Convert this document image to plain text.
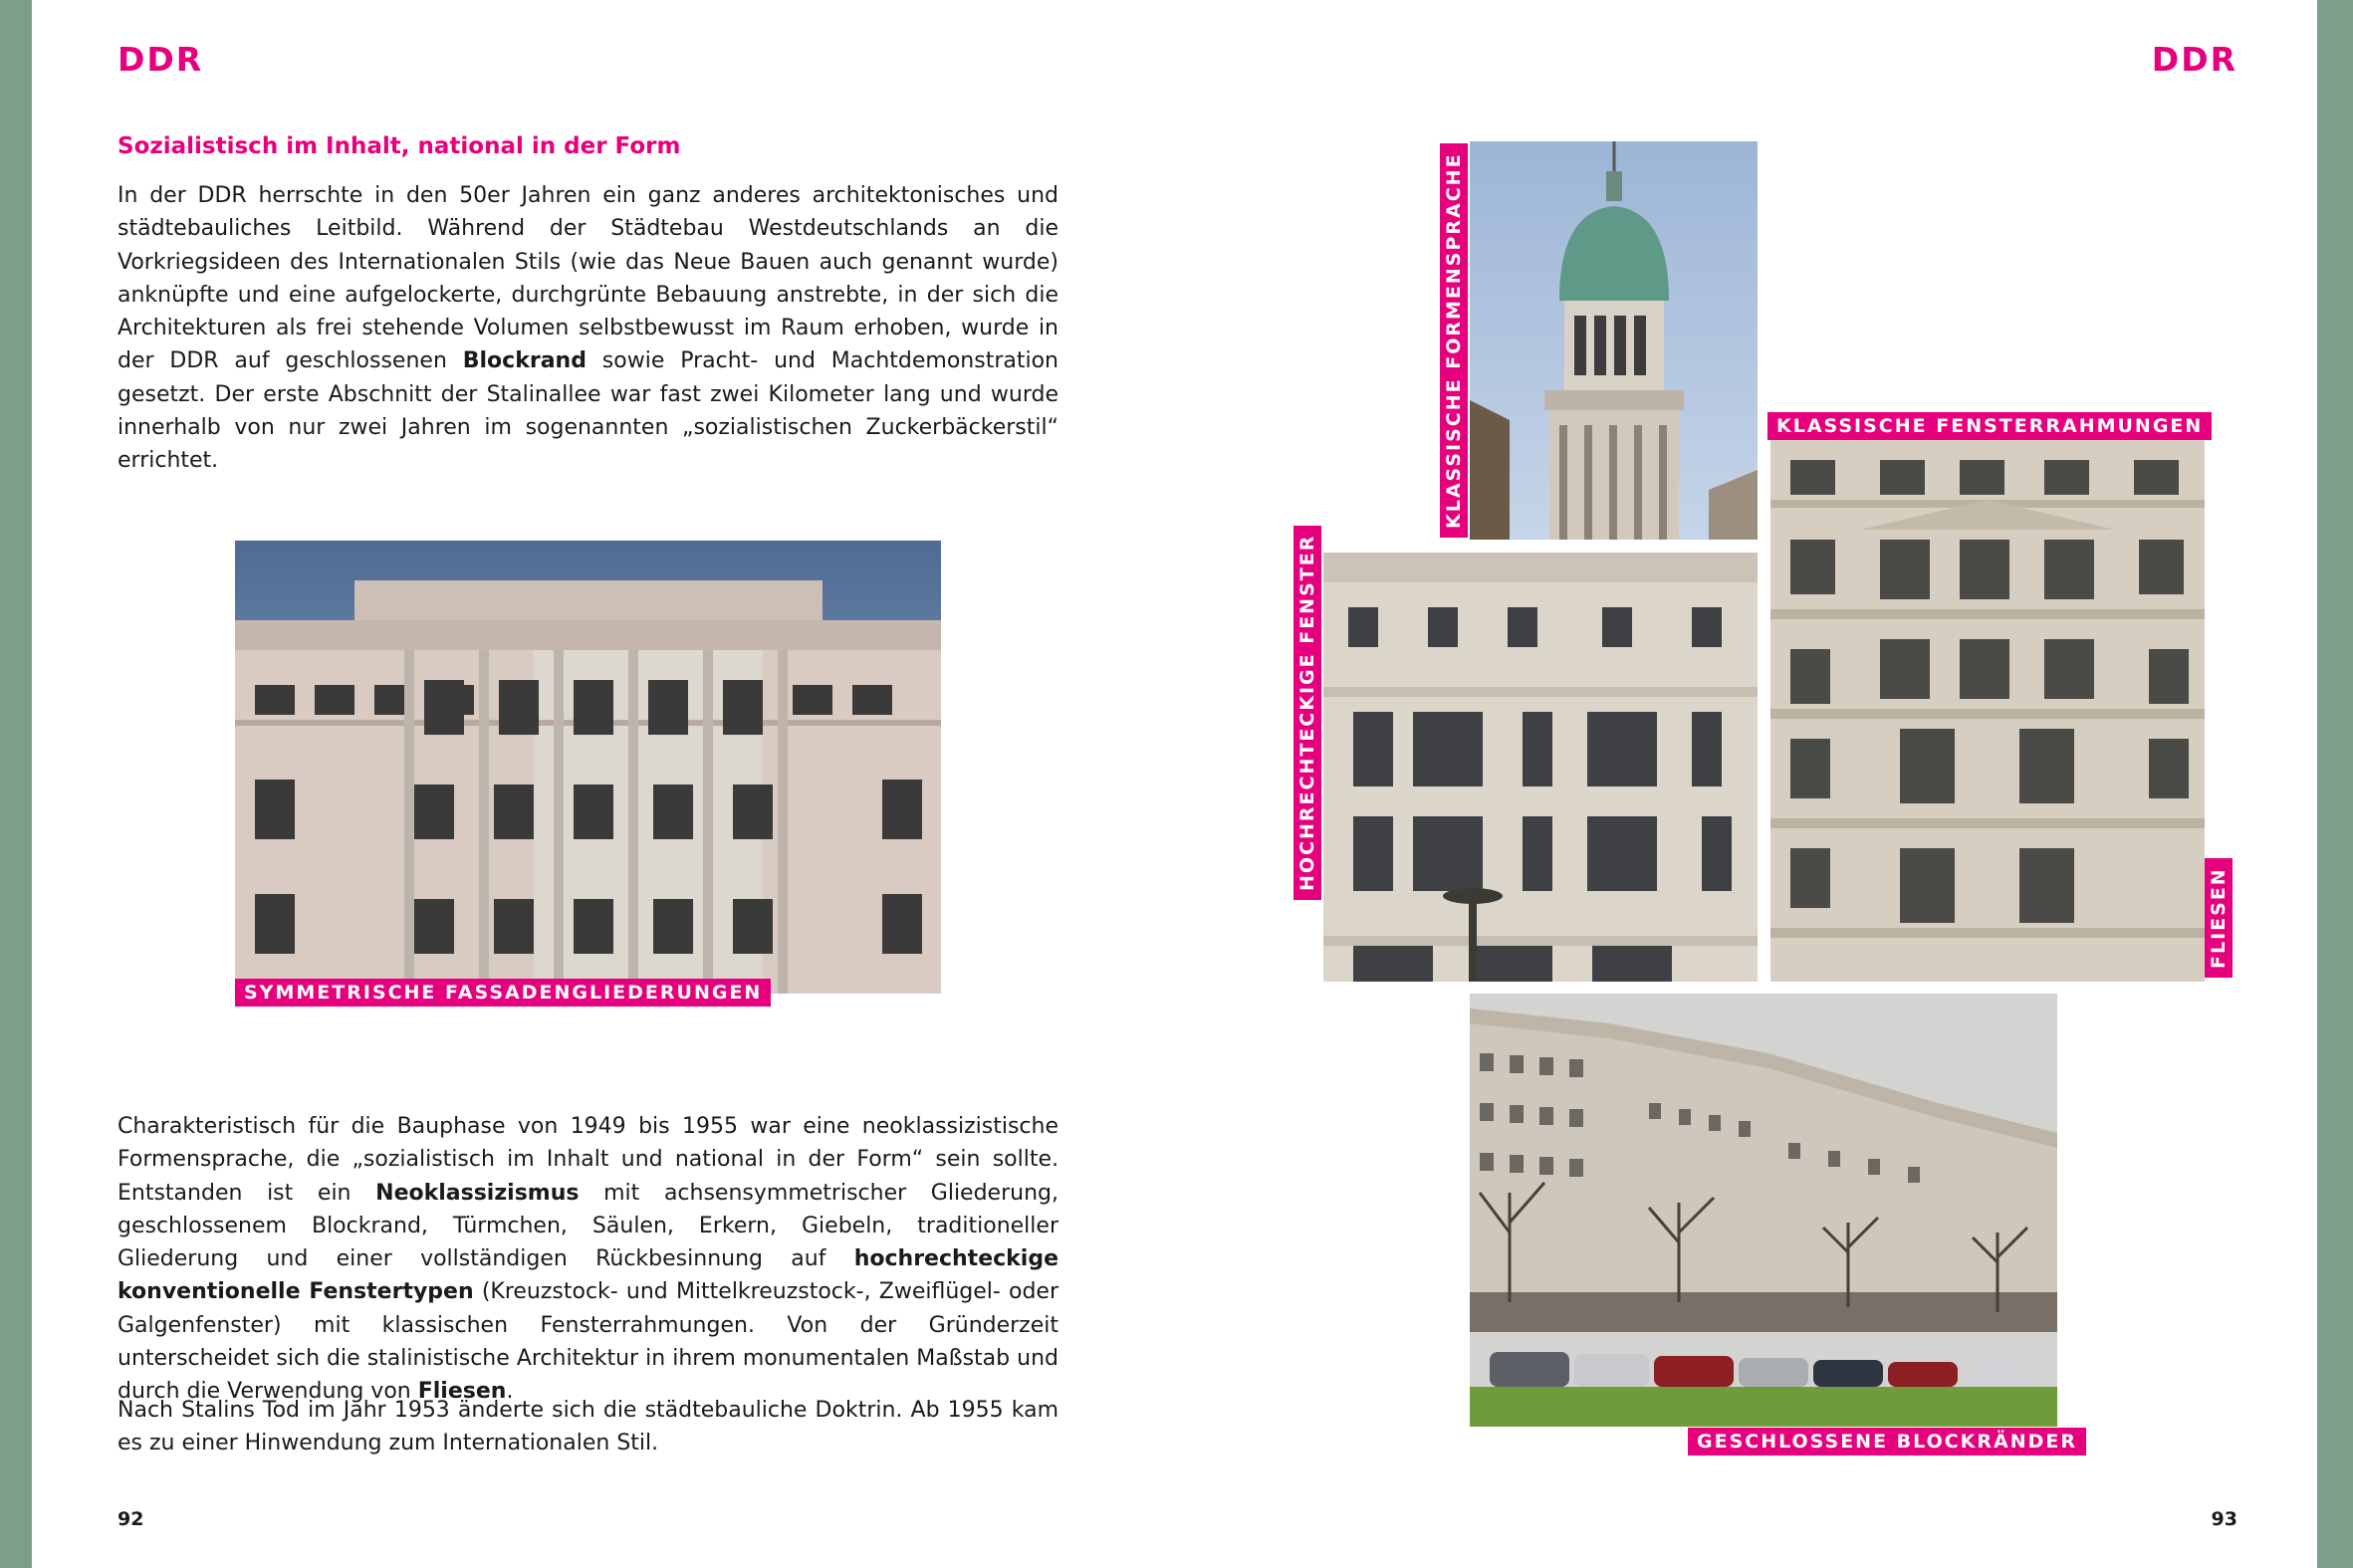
DDR

Sozialistisch im Inhalt, national in der Form

In der DDR herrschte in den 50er Jahren ein ganz anderes architektonisches und städtebauliches Leitbild. Während der Städtebau Westdeutschlands an die Vorkriegsideen des Internationalen Stils (wie das Neue Bauen auch genannt wurde) anknüpfte und eine aufgelockerte, durchgrünte Bebauung anstrebte, in der sich die Architekturen als frei stehende Volumen selbstbewusst im Raum erhoben, wurde in der DDR auf geschlossenen Blockrand sowie Pracht- und Machtdemonstration gesetzt. Der erste Abschnitt der Stalinallee war fast zwei Kilometer lang und wurde innerhalb von nur zwei Jahren im sogenannten „sozialistischen Zuckerbäckerstil“ errichtet.

SYMMETRISCHE FASSADENGLIEDERUNGEN

Charakteristisch für die Bauphase von 1949 bis 1955 war eine neoklassizistische Formensprache, die „sozialistisch im Inhalt und national in der Form“ sein sollte. Entstanden ist ein Neoklassizismus mit achsensymmetrischer Gliederung, geschlossenem Blockrand, Türmchen, Säulen, Erkern, Giebeln, traditioneller Gliederung und einer vollständigen Rückbesinnung auf hochrechteckige konventionelle Fenstertypen (Kreuzstock- und Mittelkreuzstock-, Zweiflügel- oder Galgenfenster) mit klassischen Fensterrahmungen. Von der Gründerzeit unterscheidet sich die stalinistische Architektur in ihrem monumentalen Maßstab und durch die Verwendung von Fliesen.

Nach Stalins Tod im Jahr 1953 änderte sich die städtebauliche Doktrin. Ab 1955 kam es zu einer Hinwendung zum Internationalen Stil.

92

DDR

KLASSISCHE FORMENSPRACHE	KLASSISCHE FENSTERRAHMUNGEN

FLIESEN

HOCHRECHTECKIGE FENSTER

GESCHLOSSENE BLOCKRÄNDER

93
